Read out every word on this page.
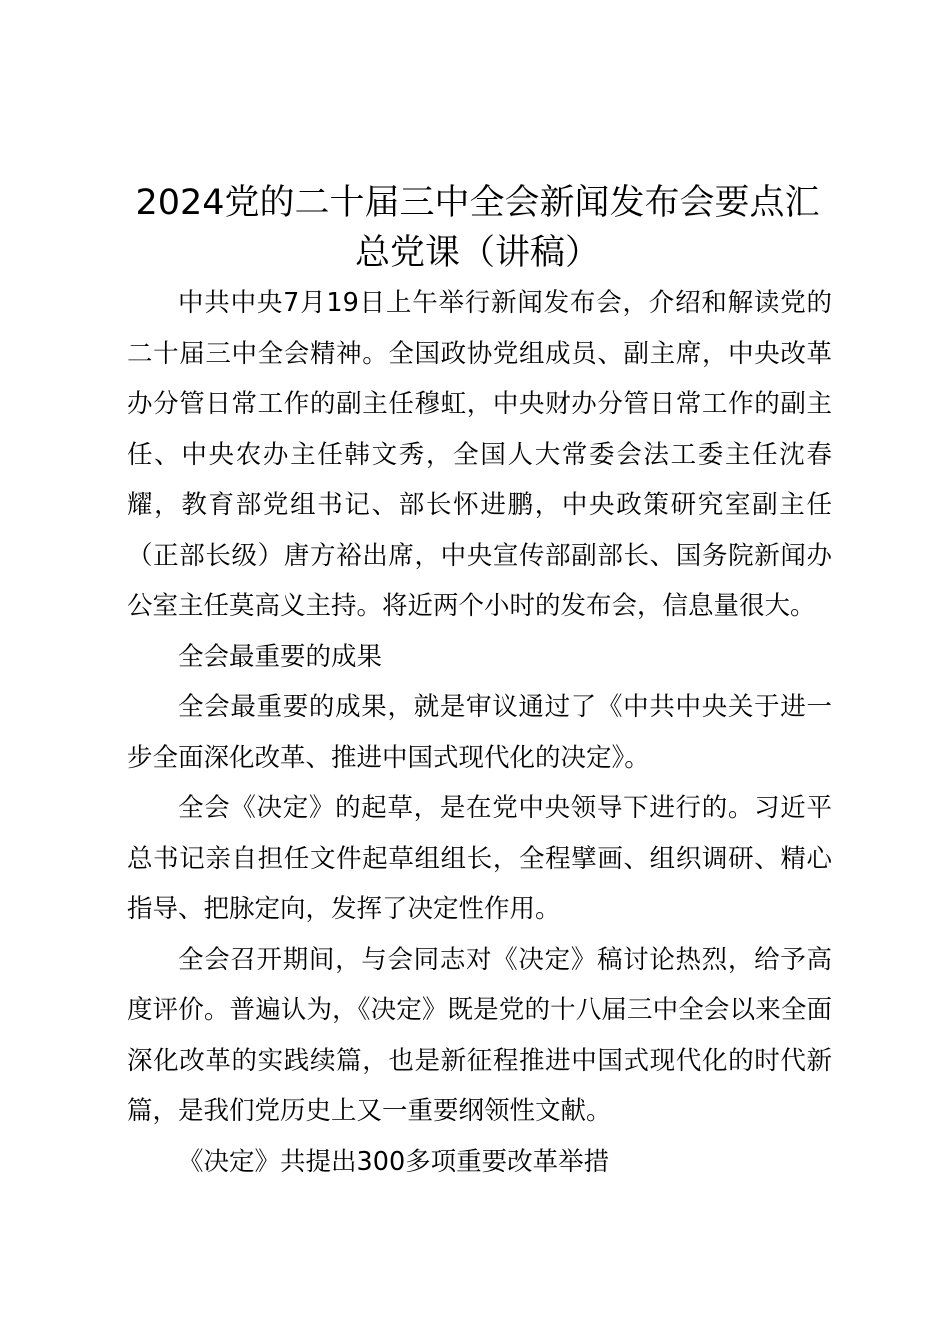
2024党的二十届三中全会新闻发布会要点汇总党课（讲稿）

中共中央7月19日上午举行新闻发布会，介绍和解读党的二十届三中全会精神。全国政协党组成员、副主席，中央改革办分管日常工作的副主任穆虹，中央财办分管日常工作的副主任、中央农办主任韩文秀，全国人大常委会法工委主任沈春耀，教育部党组书记、部长怀进鹏，中央政策研究室副主任（正部长级）唐方裕出席，中央宣传部副部长、国务院新闻办公室主任莫高义主持。将近两个小时的发布会，信息量很大。

全会最重要的成果

全会最重要的成果，就是审议通过了《中共中央关于进一步全面深化改革、推进中国式现代化的决定》。

全会《决定》的起草，是在党中央领导下进行的。习近平总书记亲自担任文件起草组组长，全程擘画、组织调研、精心指导、把脉定向，发挥了决定性作用。

全会召开期间，与会同志对《决定》稿讨论热烈，给予高度评价。普遍认为，《决定》既是党的十八届三中全会以来全面深化改革的实践续篇，也是新征程推进中国式现代化的时代新篇，是我们党历史上又一重要纲领性文献。

《决定》共提出300多项重要改革举措
